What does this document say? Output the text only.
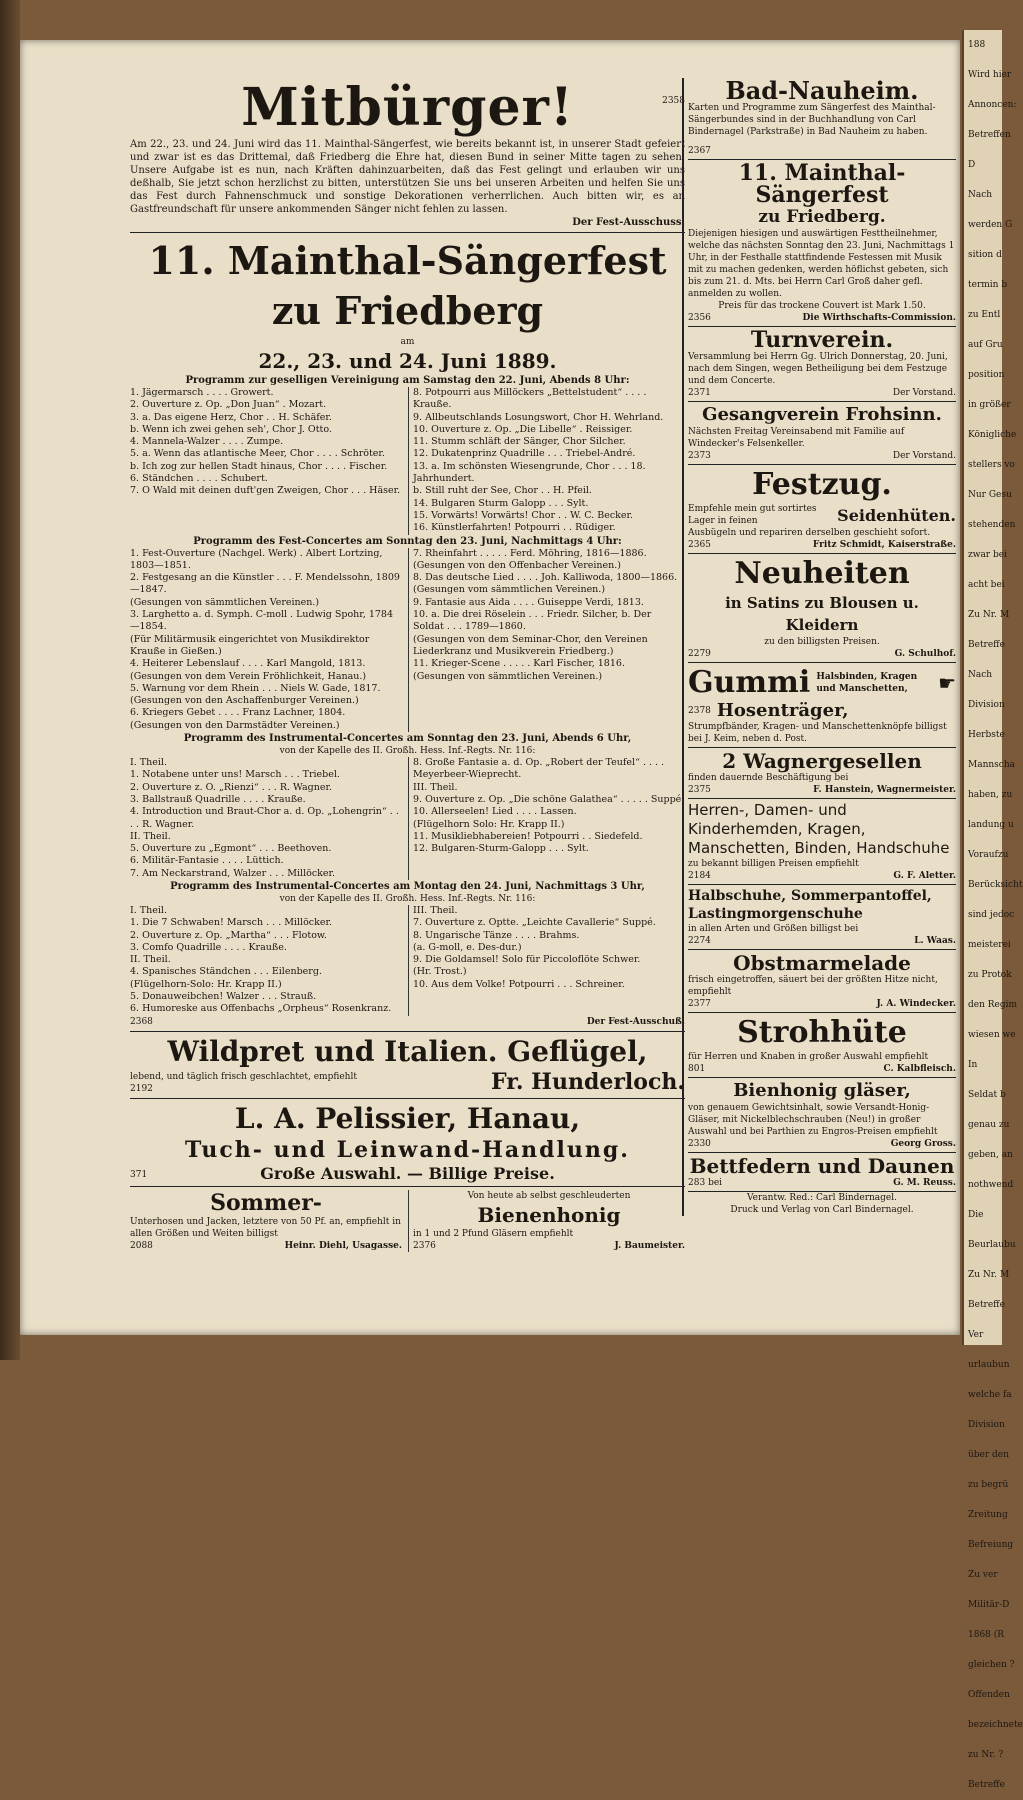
188
Wird hier
Annoncen:
Betreffen
D
Nach
werden G
sition d
termin b
zu Entl
auf Gru
position
in größer
Königliche
stellers vo
Nur Gesu
stehenden
zwar bei
acht bei
Zu Nr. M
Betreffe
Nach
Division
Herbste
Mannscha
haben, zu
landung u
Voraufzu
Berücksicht
sind jedoc
meisterei
zu Protok
den Regim
wiesen we
In
Seldat b
genau zu
geben, an
nothwend
Die
Beurlaubu
Zu Nr. M
Betreffe
Ver
urlaubun
welche fa
Division
über den
zu begrü
Zreitung
Befreiung
Zu ver
Militär-D
1868 (R
gleichen ?
Offenden
bezeichnete
zu Nr. ?
Betreffe
2358
Mitbürger!
Am 22., 23. und 24. Juni wird das 11. Mainthal-Sängerfest, wie bereits bekannt ist, in unserer Stadt gefeiert und zwar ist es das Drittemal, daß Friedberg die Ehre hat, diesen Bund in seiner Mitte tagen zu sehen. Unsere Aufgabe ist es nun, nach Kräften dahinzuarbeiten, daß das Fest gelingt und erlauben wir uns deßhalb, Sie jetzt schon herzlichst zu bitten, unterstützen Sie uns bei unseren Arbeiten und helfen Sie uns das Fest durch Fahnenschmuck und sonstige Dekorationen verherrlichen. Auch bitten wir, es an Gastfreundschaft für unsere ankommenden Sänger nicht fehlen zu lassen.
Der Fest-Ausschuss.
11. Mainthal-Sängerfest zu Friedberg
am
22., 23. und 24. Juni 1889.
Programm zur geselligen Vereinigung am Samstag den 22. Juni, Abends 8 Uhr:
1. Jägermarsch . . . . Growert.
2. Ouverture z. Op. „Don Juan“ . Mozart.
3. a. Das eigene Herz, Chor . . H. Schäfer.
b. Wenn ich zwei gehen seh', Chor J. Otto.
4. Mannela-Walzer . . . . Zumpe.
5. a. Wenn das atlantische Meer, Chor . . . . Schröter.
b. Ich zog zur hellen Stadt hinaus, Chor . . . . Fischer.
6. Ständchen . . . . Schubert.
7. O Wald mit deinen duft'gen Zweigen, Chor . . . Häser.
8. Potpourri aus Millöckers „Bettelstudent“ . . . . Krauße.
9. Allbeutschlands Losungswort, Chor H. Wehrland.
10. Ouverture z. Op. „Die Libelle“ . Reissiger.
11. Stumm schläft der Sänger, Chor Silcher.
12. Dukatenprinz Quadrille . . . Triebel-André.
13. a. Im schönsten Wiesengrunde, Chor . . . 18. Jahrhundert.
b. Still ruht der See, Chor . . H. Pfeil.
14. Bulgaren Sturm Galopp . . . Sylt.
15. Vorwärts! Vorwärts! Chor . . W. C. Becker.
16. Künstlerfahrten! Potpourri . . Rüdiger.
Programm des Fest-Concertes am Sonntag den 23. Juni, Nachmittags 4 Uhr:
1. Fest-Ouverture (Nachgel. Werk) . Albert Lortzing, 1803—1851.
2. Festgesang an die Künstler . . . F. Mendelssohn, 1809—1847.
(Gesungen von sämmtlichen Vereinen.)
3. Larghetto a. d. Symph. C-moll . Ludwig Spohr, 1784—1854.
(Für Militärmusik eingerichtet von Musikdirektor Krauße in Gießen.)
4. Heiterer Lebenslauf . . . . Karl Mangold, 1813.
(Gesungen von dem Verein Fröhlichkeit, Hanau.)
5. Warnung vor dem Rhein . . . Niels W. Gade, 1817.
(Gesungen von den Aschaffenburger Vereinen.)
6. Kriegers Gebet . . . . Franz Lachner, 1804.
(Gesungen von den Darmstädter Vereinen.)
7. Rheinfahrt . . . . . Ferd. Möhring, 1816—1886.
(Gesungen von den Offenbacher Vereinen.)
8. Das deutsche Lied . . . . Joh. Kalliwoda, 1800—1866.
(Gesungen vom sämmtlichen Vereinen.)
9. Fantasie aus Aida . . . . Guiseppe Verdi, 1813.
10. a. Die drei Röselein . . . Friedr. Silcher, b. Der Soldat . . . 1789—1860.
(Gesungen von dem Seminar-Chor, den Vereinen Liederkranz und Musikverein Friedberg.)
11. Krieger-Scene . . . . . Karl Fischer, 1816.
(Gesungen von sämmtlichen Vereinen.)
Programm des Instrumental-Concertes am Sonntag den 23. Juni, Abends 6 Uhr,
von der Kapelle des II. Großh. Hess. Inf.-Regts. Nr. 116:
I. Theil.
1. Notabene unter uns! Marsch . . . Triebel.
2. Ouverture z. O. „Rienzi“ . . . R. Wagner.
3. Ballstrauß Quadrille . . . . Krauße.
4. Introduction und Braut-Chor a. d. Op. „Lohengrin“ . . . . R. Wagner.
II. Theil.
5. Ouverture zu „Egmont“ . . . Beethoven.
6. Militär-Fantasie . . . . Lüttich.
7. Am Neckarstrand, Walzer . . . Millöcker.
8. Große Fantasie a. d. Op. „Robert der Teufel“ . . . . Meyerbeer-Wieprecht.
III. Theil.
9. Ouverture z. Op. „Die schöne Galathea“ . . . . . Suppé.
10. Allerseelen! Lied . . . . Lassen.
(Flügelhorn Solo: Hr. Krapp II.)
11. Musikliebhabereien! Potpourri . . Siedefeld.
12. Bulgaren-Sturm-Galopp . . . Sylt.
Programm des Instrumental-Concertes am Montag den 24. Juni, Nachmittags 3 Uhr,
von der Kapelle des II. Großh. Hess. Inf.-Regts. Nr. 116:
I. Theil.
1. Die 7 Schwaben! Marsch . . . Millöcker.
2. Ouverture z. Op. „Martha“ . . . Flotow.
3. Comfo Quadrille . . . . Krauße.
II. Theil.
4. Spanisches Ständchen . . . Eilenberg.
(Flügelhorn-Solo: Hr. Krapp II.)
5. Donauweibchen! Walzer . . . Strauß.
6. Humoreske aus Offenbachs „Orpheus“ Rosenkranz.
III. Theil.
7. Ouverture z. Optte. „Leichte Cavallerie“ Suppé.
8. Ungarische Tänze . . . . Brahms.
(a. G-moll, e. Des-dur.)
9. Die Goldamsel! Solo für Piccoloflöte Schwer.
(Hr. Trost.)
10. Aus dem Volke! Potpourri . . . Schreiner.
2368	Der Fest-Ausschuß.
Wildpret und Italien. Geflügel,
lebend, und täglich frisch geschlachtet, empfiehlt
2192	Fr. Hunderloch.
L. A. Pelissier, Hanau,
Tuch- und Leinwand-Handlung.
371	Große Auswahl. — Billige Preise.
Sommer-
Unterhosen und Jacken, letztere von 50 Pf. an, empfiehlt in allen Größen und Weiten billigst
2088	Heinr. Diehl, Usagasse.
Von heute ab selbst geschleuderten
Bienenhonig
in 1 und 2 Pfund Gläsern empfiehlt
2376	J. Baumeister.
Bad-Nauheim.
Karten und Programme zum Sängerfest des Mainthal-Sängerbundes sind in der Buchhandlung von Carl Bindernagel (Parkstraße) in Bad Nauheim zu haben.
2367
11. Mainthal-Sängerfest
zu Friedberg.
Diejenigen hiesigen und auswärtigen Festtheilnehmer, welche das nächsten Sonntag den 23. Juni, Nachmittags 1 Uhr, in der Festhalle stattfindende Festessen mit Musik mit zu machen gedenken, werden höflichst gebeten, sich bis zum 21. d. Mts. bei Herrn Carl Groß daher gefl. anmelden zu wollen.
Preis für das trockene Couvert ist Mark 1.50.
2356	Die Wirthschafts-Commission.
Turnverein.
Versammlung bei Herrn Gg. Ulrich Donnerstag, 20. Juni, nach dem Singen, wegen Betheiligung bei dem Festzuge und dem Concerte.
2371	Der Vorstand.
Gesangverein Frohsinn.
Nächsten Freitag Vereinsabend mit Familie auf Windecker's Felsenkeller.
2373	Der Vorstand.
Festzug.
Empfehle mein gut sortirtes Lager in feinen	Seidenhüten.
Ausbügeln und repariren derselben geschieht sofort.
2365	Fritz Schmidt, Kaiserstraße.
Neuheiten
in Satins zu Blousen u. Kleidern
zu den billigsten Preisen.
2279	G. Schulhof.
Gummi Halsbinden, Kragen und Manschetten,	☛
2378 Hosenträger,
Strumpfbänder, Kragen- und Manschettenknöpfe billigst bei J. Keim, neben d. Post.
2 Wagnergesellen
finden dauernde Beschäftigung bei
2375	F. Hanstein, Wagnermeister.
Herren-, Damen- und Kinderhemden, Kragen, Manschetten, Binden, Handschuhe
zu bekannt billigen Preisen empfiehlt
2184	G. F. Aletter.
Halbschuhe, Sommerpantoffel, Lastingmorgenschuhe
in allen Arten und Größen billigst bei
2274	L. Waas.
Obstmarmelade
frisch eingetroffen, säuert bei der größten Hitze nicht, empfiehlt
2377	J. A. Windecker.
Strohhüte
für Herren und Knaben in großer Auswahl empfiehlt
801	C. Kalbfleisch.
Bienhonig gläser,
von genauem Gewichtsinhalt, sowie Versandt-Honig-Gläser, mit Nickelblechschrauben (Neu!) in großer Auswahl und bei Parthien zu Engros-Preisen empfiehlt
2330	Georg Gross.
Bettfedern und Daunen
283 bei	G. M. Reuss.
Verantw. Red.: Carl Bindernagel.
Druck und Verlag von Carl Bindernagel.
